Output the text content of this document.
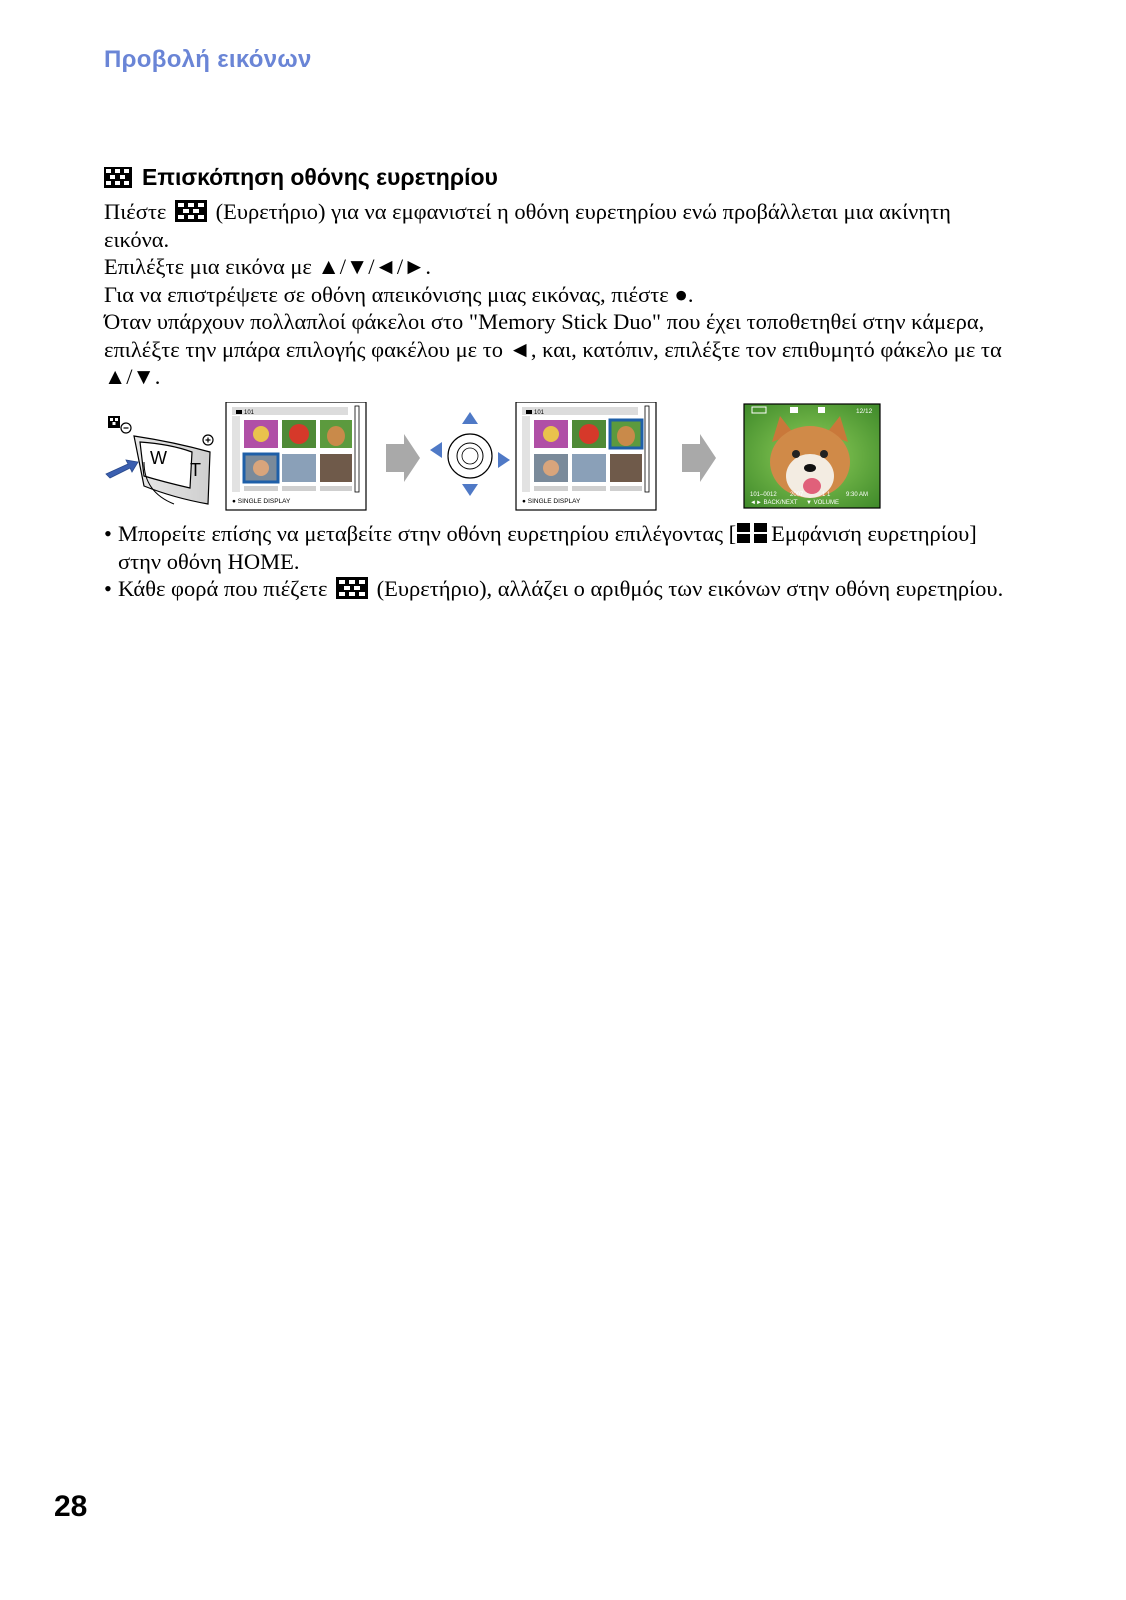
Προβολή εικόνων
Επισκόπηση οθόνης ευρετηρίου

Πιέστε (Ευρετήριο) για να εμφανιστεί η οθόνη ευρετηρίου ενώ προβάλλεται μια ακίνητη εικόνα.

Επιλέξτε μια εικόνα με ▲/▼/◄/►.

Για να επιστρέψετε σε οθόνη απεικόνισης μιας εικόνας, πιέστε ●.

Όταν υπάρχουν πολλαπλοί φάκελοι στο "Memory Stick Duo" που έχει τοποθετηθεί στην κάμερα, επιλέξτε την μπάρα επιλογής φακέλου με το ◄, και, κατόπιν, επιλέξτε τον επιθυμητό φάκελο με τα ▲/▼.

W
T
101
● SINGLE DISPLAY
101
● SINGLE DISPLAY
12/12
101–0012 2007	1 1	9:30 AM
◄► BACK/NEXT ▼ VOLUME
• Μπορείτε επίσης να μεταβείτε στην οθόνη ευρετηρίου επιλέγοντας [ Εμφάνιση ευρετηρίου] στην οθόνη HOME.
• Κάθε φορά που πιέζετε (Ευρετήριο), αλλάζει ο αριθμός των εικόνων στην οθόνη ευρετηρίου.
28
